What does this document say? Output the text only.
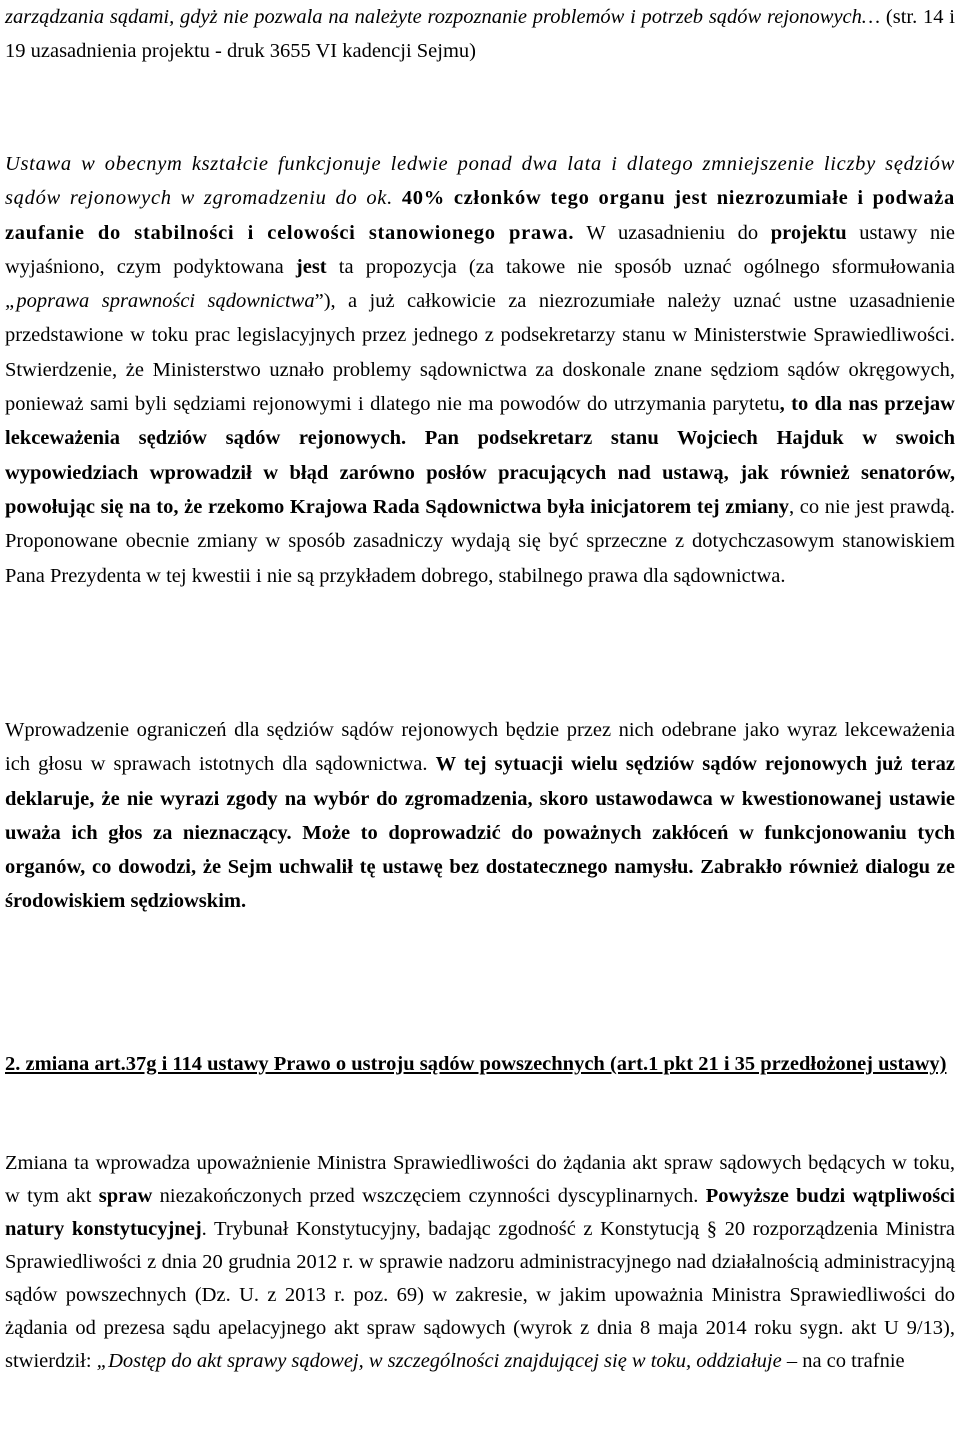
zarządzania sądami, gdyż nie pozwala na należyte rozpoznanie problemów i potrzeb sądów rejonowych… (str. 14 i 19 uzasadnienia projektu - druk 3655 VI kadencji Sejmu)

Ustawa w obecnym kształcie funkcjonuje ledwie ponad dwa lata i dlatego zmniejszenie liczby sędziów sądów rejonowych w zgromadzeniu do ok. 40% członków tego organu jest niezrozumiałe i podważa zaufanie do stabilności i celowości stanowionego prawa. W uzasadnieniu do projektu ustawy nie wyjaśniono, czym podyktowana jest ta propozycja (za takowe nie sposób uznać ogólnego sformułowania „poprawa sprawności sądownictwa”), a już całkowicie za niezrozumiałe należy uznać ustne uzasadnienie przedstawione w toku prac legislacyjnych przez jednego z podsekretarzy stanu w Ministerstwie Sprawiedliwości. Stwierdzenie, że Ministerstwo uznało problemy sądownictwa za doskonale znane sędziom sądów okręgowych, ponieważ sami byli sędziami rejonowymi i dlatego nie ma powodów do utrzymania parytetu, to dla nas przejaw lekceważenia sędziów sądów rejonowych. Pan podsekretarz stanu Wojciech Hajduk w swoich wypowiedziach wprowadził w błąd zarówno posłów pracujących nad ustawą, jak również senatorów, powołując się na to, że rzekomo Krajowa Rada Sądownictwa była inicjatorem tej zmiany, co nie jest prawdą. Proponowane obecnie zmiany w sposób zasadniczy wydają się być sprzeczne z dotychczasowym stanowiskiem Pana Prezydenta w tej kwestii i nie są przykładem dobrego, stabilnego prawa dla sądownictwa.

Wprowadzenie ograniczeń dla sędziów sądów rejonowych będzie przez nich odebrane jako wyraz lekceważenia ich głosu w sprawach istotnych dla sądownictwa. W tej sytuacji wielu sędziów sądów rejonowych już teraz deklaruje, że nie wyrazi zgody na wybór do zgromadzenia, skoro ustawodawca w kwestionowanej ustawie uważa ich głos za nieznaczący. Może to doprowadzić do poważnych zakłóceń w funkcjonowaniu tych organów, co dowodzi, że Sejm uchwalił tę ustawę bez dostatecznego namysłu. Zabrakło również dialogu ze środowiskiem sędziowskim.

2. zmiana art.37g i 114 ustawy Prawo o ustroju sądów powszechnych (art.1 pkt 21 i 35 przedłożonej ustawy)

Zmiana ta wprowadza upoważnienie Ministra Sprawiedliwości do żądania akt spraw sądowych będących w toku, w tym akt spraw niezakończonych przed wszczęciem czynności dyscyplinarnych. Powyższe budzi wątpliwości natury konstytucyjnej. Trybunał Konstytucyjny, badając zgodność z Konstytucją § 20 rozporządzenia Ministra Sprawiedliwości z dnia 20 grudnia 2012 r. w sprawie nadzoru administracyjnego nad działalnością administracyjną sądów powszechnych (Dz. U. z 2013 r. poz. 69) w zakresie, w jakim upoważnia Ministra Sprawiedliwości do żądania od prezesa sądu apelacyjnego akt spraw sądowych (wyrok z dnia 8 maja 2014 roku sygn. akt U 9/13), stwierdził: „Dostęp do akt sprawy sądowej, w szczególności znajdującej się w toku, oddziałuje – na co trafnie
